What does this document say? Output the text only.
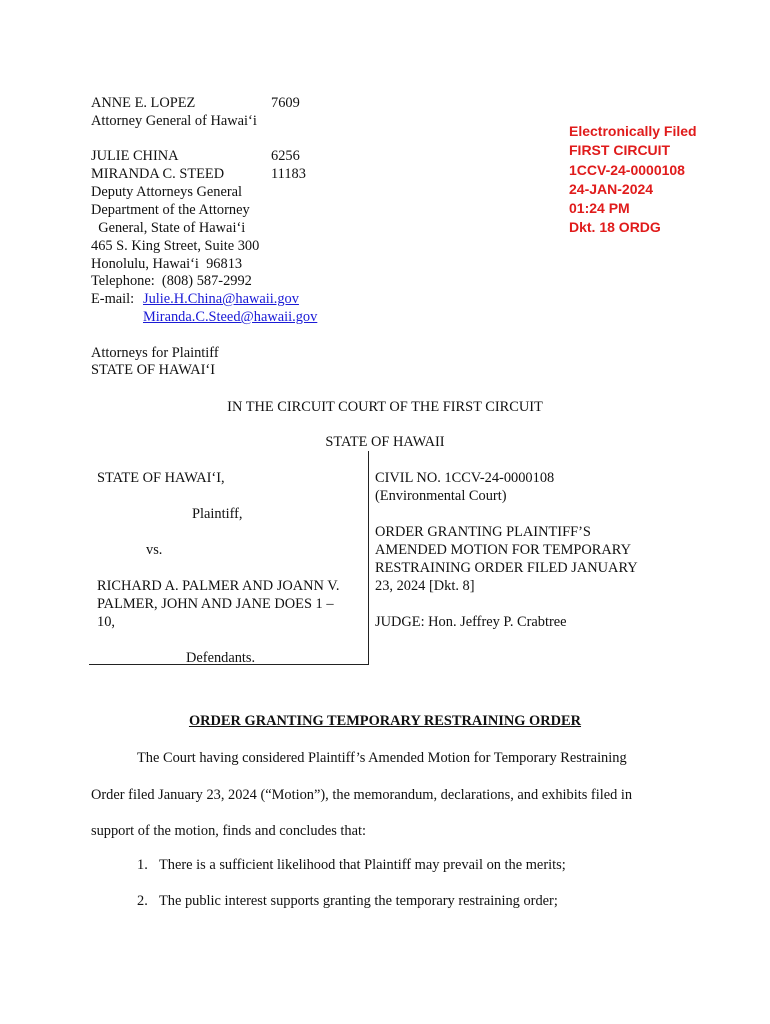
ANNE E. LOPEZ	7609
Attorney General of Hawai‘i
JULIE CHINA	6256
MIRANDA C. STEED	11183
Deputy Attorneys General
Department of the Attorney
General, State of Hawai‘i
465 S. King Street, Suite 300
Honolulu, Hawai‘i  96813
Telephone:  (808) 587-2992
E-mail: Julie.H.China@hawaii.gov
Miranda.C.Steed@hawaii.gov
Attorneys for Plaintiff
STATE OF HAWAI‘I
Electronically Filed
FIRST CIRCUIT
1CCV-24-0000108
24-JAN-2024
01:24 PM
Dkt. 18 ORDG
IN THE CIRCUIT COURT OF THE FIRST CIRCUIT
STATE OF HAWAII
STATE OF HAWAI‘I,
Plaintiff,
vs.
RICHARD A. PALMER AND JOANN V.
PALMER, JOHN AND JANE DOES 1 –
10,
Defendants.
CIVIL NO. 1CCV-24-0000108
(Environmental Court)
ORDER GRANTING PLAINTIFF’S
AMENDED MOTION FOR TEMPORARY
RESTRAINING ORDER FILED JANUARY
23, 2024 [Dkt. 8]
JUDGE: Hon. Jeffrey P. Crabtree
ORDER GRANTING TEMPORARY RESTRAINING ORDER
The Court having considered Plaintiff’s Amended Motion for Temporary Restraining
Order filed January 23, 2024 (“Motion”), the memorandum, declarations, and exhibits filed in
support of the motion, finds and concludes that:
1. There is a sufficient likelihood that Plaintiff may prevail on the merits;
2. The public interest supports granting the temporary restraining order;
